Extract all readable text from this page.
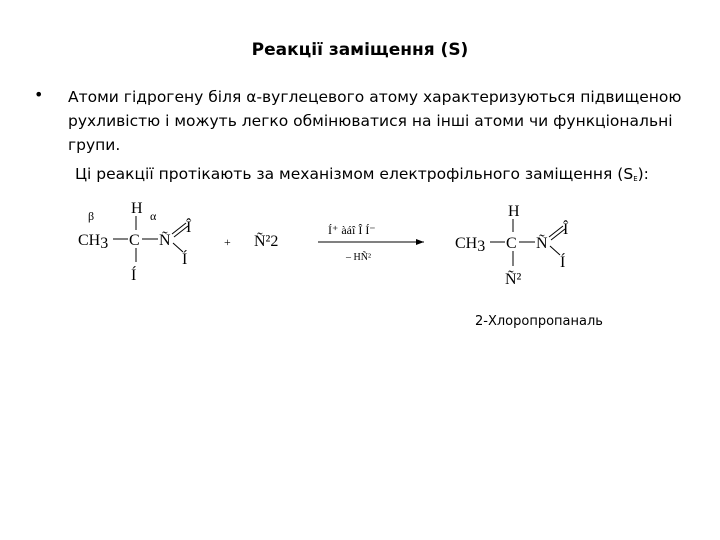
Реакції заміщення (S)
• Атоми гідрогену біля α-вуглецевого атому характеризуються підвищеною рухливістю і можуть легко обмінюватися на інші атоми чи функціональні групи.
Ці реакції протікають за механізмом електрофільного заміщення $(S_E)$:
β	α
H
CH3 C Ñ
Î
Í
Í
+ Ñ²2
Í⁺ àáî Î Í⁻
– HÑ²
H
CH3 C Ñ
Î
Í
Ñ²
2-Хлоропропаналь
